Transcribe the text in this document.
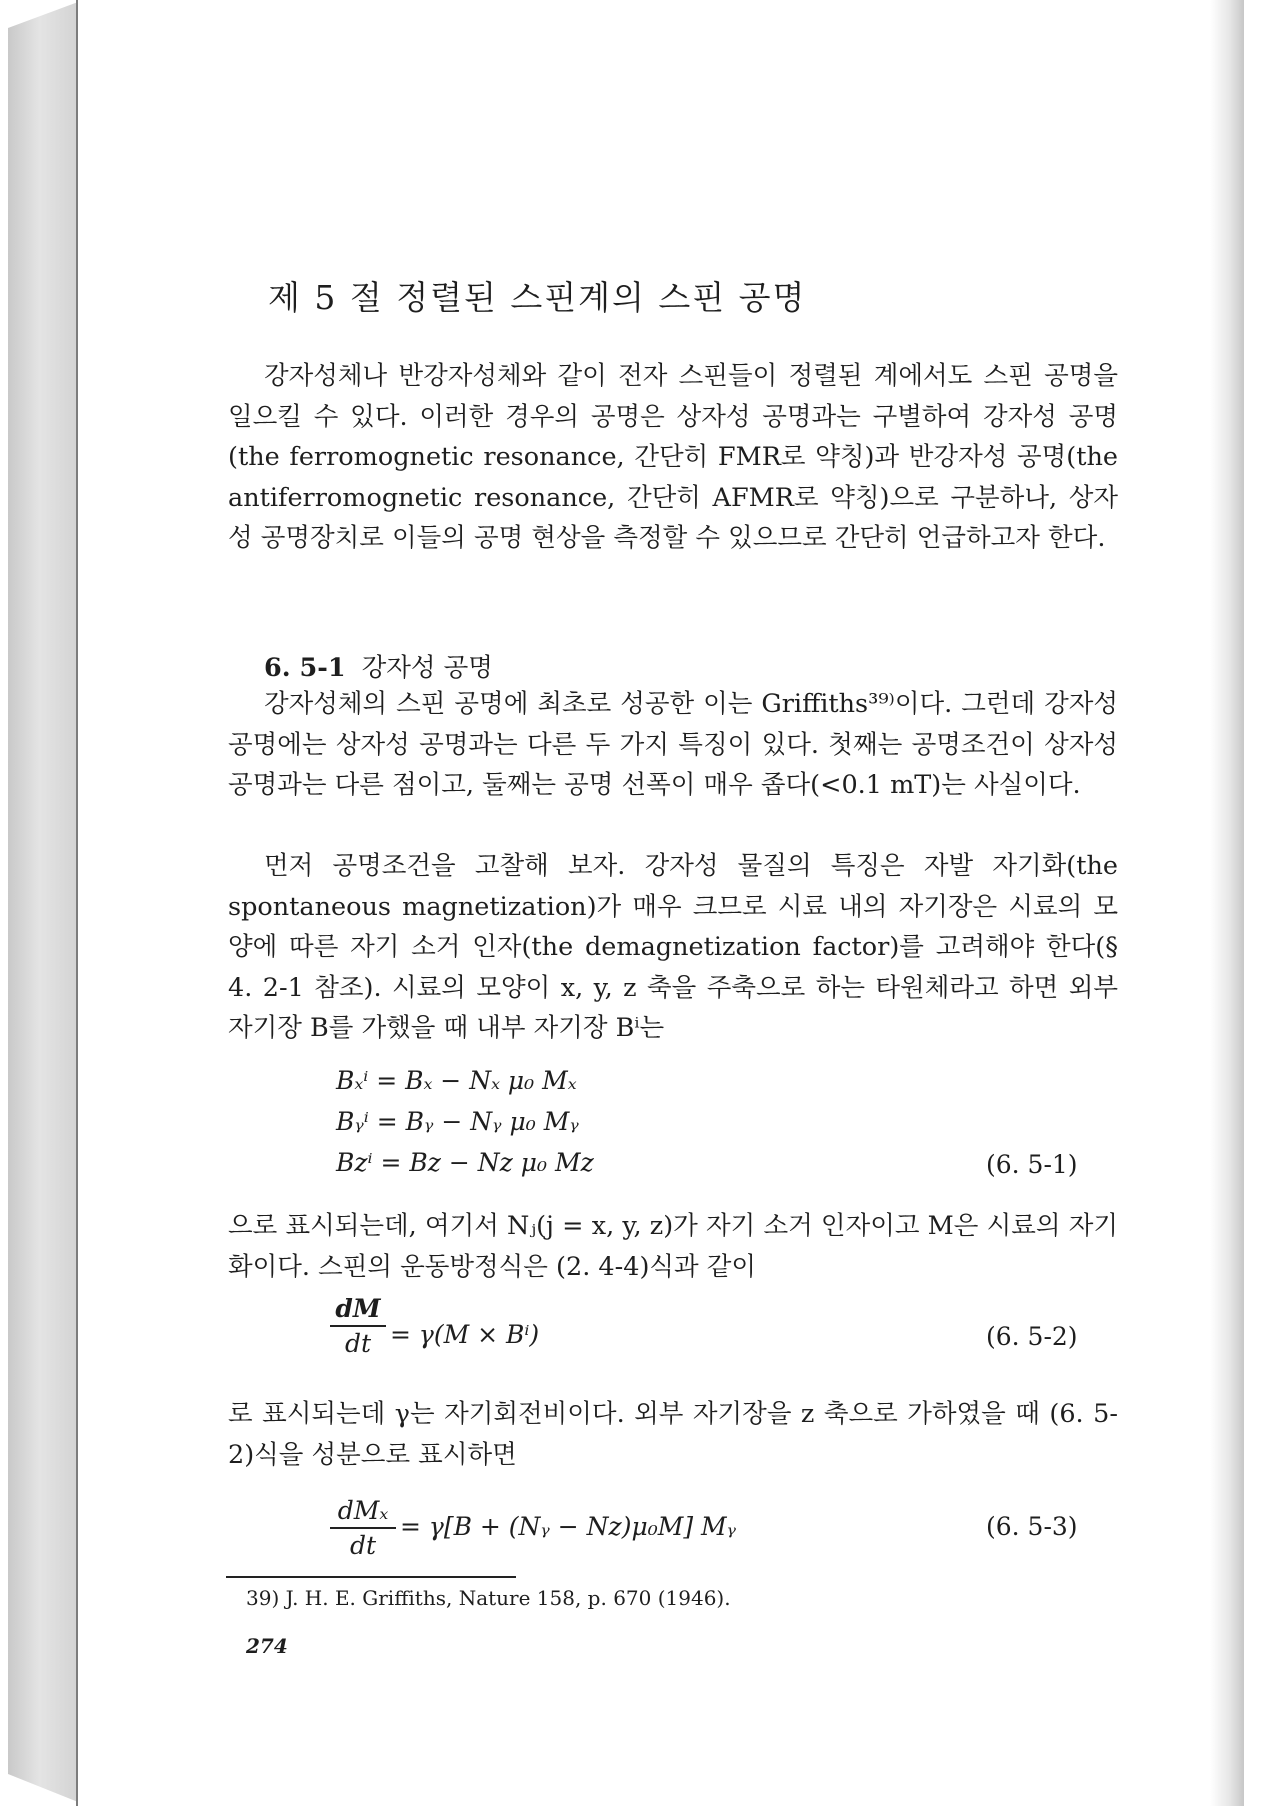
제 5 절 정렬된 스핀계의 스핀 공명
강자성체나 반강자성체와 같이 전자 스핀들이 정렬된 계에서도 스핀 공명을 일으킬 수 있다. 이러한 경우의 공명은 상자성 공명과는 구별하여 강자성 공명(the ferromognetic resonance, 간단히 FMR로 약칭)과 반강자성 공명(the antiferromognetic resonance, 간단히 AFMR로 약칭)으로 구분하나, 상자성 공명장치로 이들의 공명 현상을 측정할 수 있으므로 간단히 언급하고자 한다.
6. 5-1 강자성 공명
강자성체의 스핀 공명에 최초로 성공한 이는 Griffiths³⁹⁾이다. 그런데 강자성 공명에는 상자성 공명과는 다른 두 가지 특징이 있다. 첫째는 공명조건이 상자성 공명과는 다른 점이고, 둘째는 공명 선폭이 매우 좁다(<0.1 mT)는 사실이다.
먼저 공명조건을 고찰해 보자. 강자성 물질의 특징은 자발 자기화(the spontaneous magnetization)가 매우 크므로 시료 내의 자기장은 시료의 모양에 따른 자기 소거 인자(the demagnetization factor)를 고려해야 한다(§ 4. 2-1 참조). 시료의 모양이 x, y, z 축을 주축으로 하는 타원체라고 하면 외부 자기장 B를 가했을 때 내부 자기장 Bⁱ는
Bₓⁱ = Bₓ − Nₓ μ₀ Mₓ
Bᵧⁱ = Bᵧ − Nᵧ μ₀ Mᵧ
B𝑧ⁱ = B𝑧 − N𝑧 μ₀ M𝑧	(6. 5-1)
으로 표시되는데, 여기서 Nⱼ(j = x, y, z)가 자기 소거 인자이고 M은 시료의 자기화이다. 스핀의 운동방정식은 (2. 4-4)식과 같이
dM
dt = γ(M × Bⁱ)	(6. 5-2)
로 표시되는데 γ는 자기회전비이다. 외부 자기장을 z 축으로 가하였을 때 (6. 5-2)식을 성분으로 표시하면
dMₓ
dt
= γ[B + (Nᵧ − N𝑧)μ₀M] Mᵧ	(6. 5-3)
39) J. H. E. Griffiths, Nature 158, p. 670 (1946).
274
